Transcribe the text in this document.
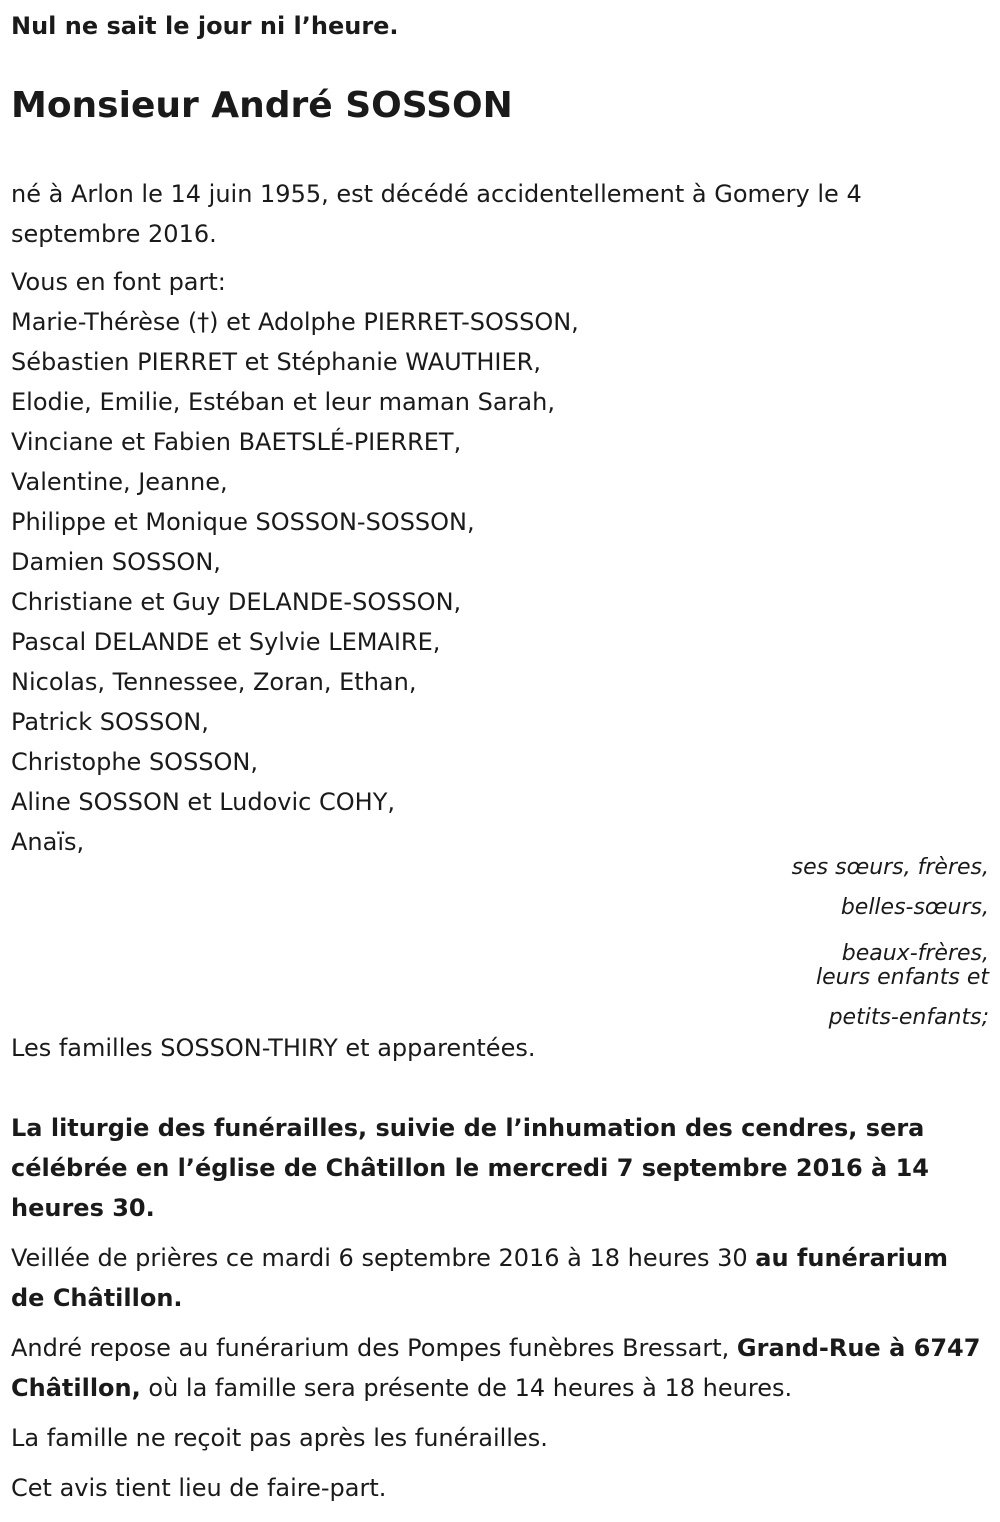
Nul ne sait le jour ni l’heure.
Monsieur André SOSSON
né à Arlon le 14 juin 1955, est décédé accidentellement à Gomery le 4 septembre 2016.
Vous en font part:
Marie-Thérèse (†) et Adolphe PIERRET-SOSSON,
Sébastien PIERRET et Stéphanie WAUTHIER,
Elodie, Emilie, Estéban et leur maman Sarah,
Vinciane et Fabien BAETSLÉ-PIERRET,
Valentine, Jeanne,
Philippe et Monique SOSSON-SOSSON,
Damien SOSSON,
Christiane et Guy DELANDE-SOSSON,
Pascal DELANDE et Sylvie LEMAIRE,
Nicolas, Tennessee, Zoran, Ethan,
Patrick SOSSON,
Christophe SOSSON,
Aline SOSSON et Ludovic COHY,
Anaïs,
ses sœurs, frères,
belles-sœurs,
beaux-frères,
leurs enfants et
petits-enfants;
Les familles SOSSON-THIRY et apparentées.
La liturgie des funérailles, suivie de l’inhumation des cendres, sera célébrée en l’église de Châtillon le mercredi 7 septembre 2016 à 14 heures 30.
Veillée de prières ce mardi 6 septembre 2016 à 18 heures 30 au funérarium de Châtillon.
André repose au funérarium des Pompes funèbres Bressart, Grand-Rue à 6747 Châtillon, où la famille sera présente de 14 heures à 18 heures.
La famille ne reçoit pas après les funérailles.
Cet avis tient lieu de faire-part.
